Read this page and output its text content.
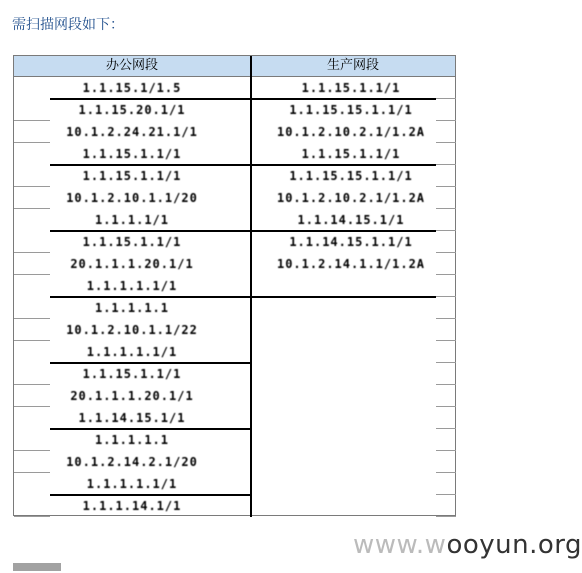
需扫描网段如下：
办公网段	生产网段
1.1.15.1/1.5
1.1.15.20.1/1
10.1.2.24.21.1/1
1.1.15.1.1/1
1.1.15.1.1/1
10.1.2.10.1.1/20
1.1.1.1/1
1.1.15.1.1/1
20.1.1.1.20.1/1
1.1.1.1.1/1
1.1.1.1.1
10.1.2.10.1.1/22
1.1.1.1.1/1
1.1.15.1.1/1
20.1.1.1.20.1/1
1.1.14.15.1/1
1.1.1.1.1
10.1.2.14.2.1/20
1.1.1.1.1/1
1.1.1.14.1/1
1.1.15.1.1/1
1.1.15.15.1.1/1
10.1.2.10.2.1/1.2A
1.1.15.1.1/1
1.1.15.15.1.1/1
10.1.2.10.2.1/1.2A
1.1.14.15.1/1
1.1.14.15.1.1/1
10.1.2.14.1.1/1.2A
www.wooyun.org
